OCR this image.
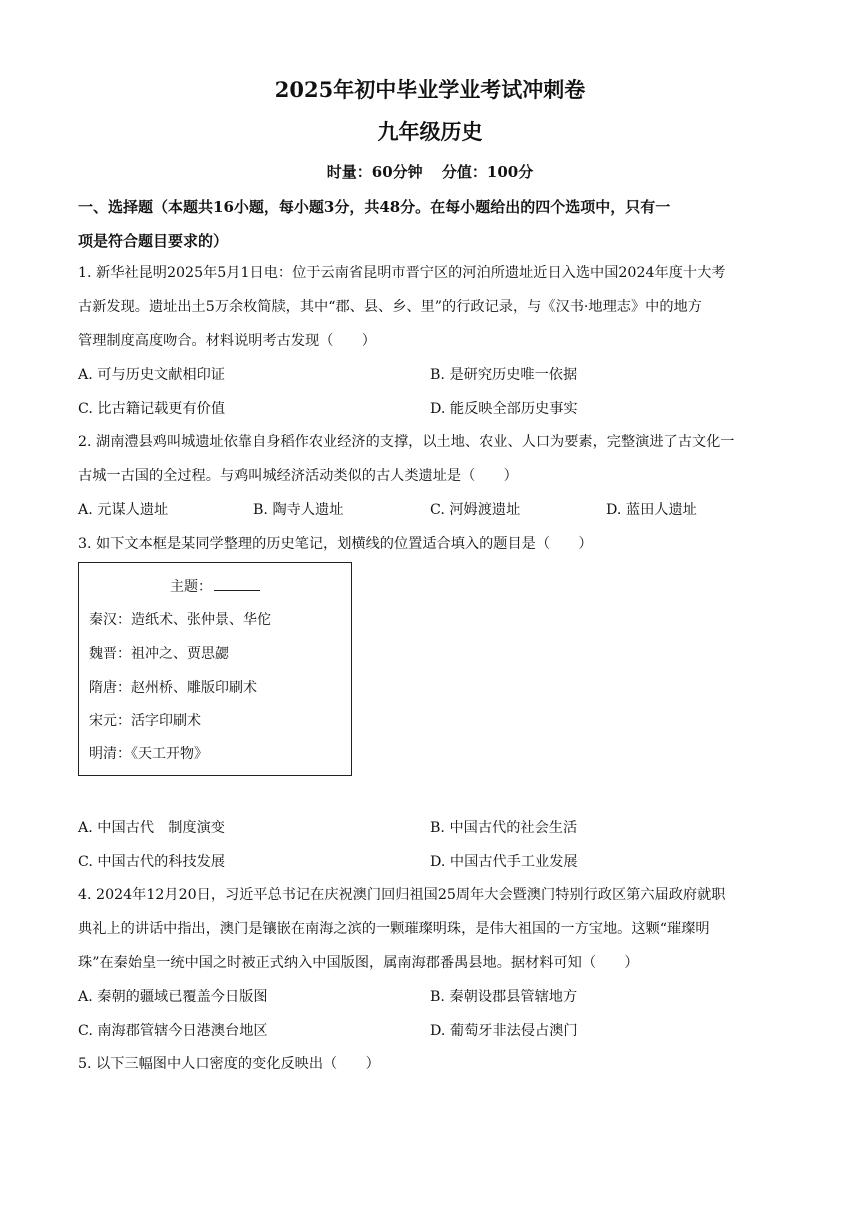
2025年初中毕业学业考试冲刺卷
九年级历史
时量：60分钟 分值：100分
一、选择题（本题共16小题，每小题3分，共48分。在每小题给出的四个选项中，只有一
项是符合题目要求的）
1. 新华社昆明2025年5月1日电：位于云南省昆明市晋宁区的河泊所遗址近日入选中国2024年度十大考
古新发现。遗址出土5万余枚简牍，其中“郡、县、乡、里”的行政记录，与《汉书·地理志》中的地方
管理制度高度吻合。材料说明考古发现（　　）
A. 可与历史文献相印证	B. 是研究历史唯一依据
C. 比古籍记载更有价值	D. 能反映全部历史事实
2. 湖南澧县鸡叫城遗址依靠自身稻作农业经济的支撑，以土地、农业、人口为要素，完整演进了古文化一
古城一古国的全过程。与鸡叫城经济活动类似的古人类遗址是（　　）
A. 元谋人遗址	B. 陶寺人遗址	C. 河姆渡遗址	D. 蓝田人遗址
3. 如下文本框是某同学整理的历史笔记，划横线的位置适合填入的题目是（　　）
主题：
秦汉：造纸术、张仲景、华佗
魏晋：祖冲之、贾思勰
隋唐：赵州桥、雕版印刷术
宋元：活字印刷术
明清：《天工开物》
A. 中国古代　制度演变	B. 中国古代的社会生活
C. 中国古代的科技发展	D. 中国古代手工业发展
4. 2024年12月20日，习近平总书记在庆祝澳门回归祖国25周年大会暨澳门特别行政区第六届政府就职
典礼上的讲话中指出，澳门是镶嵌在南海之滨的一颗璀璨明珠，是伟大祖国的一方宝地。这颗“璀璨明
珠”在秦始皇一统中国之时被正式纳入中国版图，属南海郡番禺县地。据材料可知（　　）
A. 秦朝的疆域已覆盖今日版图	B. 秦朝设郡县管辖地方
C. 南海郡管辖今日港澳台地区	D. 葡萄牙非法侵占澳门
5. 以下三幅图中人口密度的变化反映出（　　）
